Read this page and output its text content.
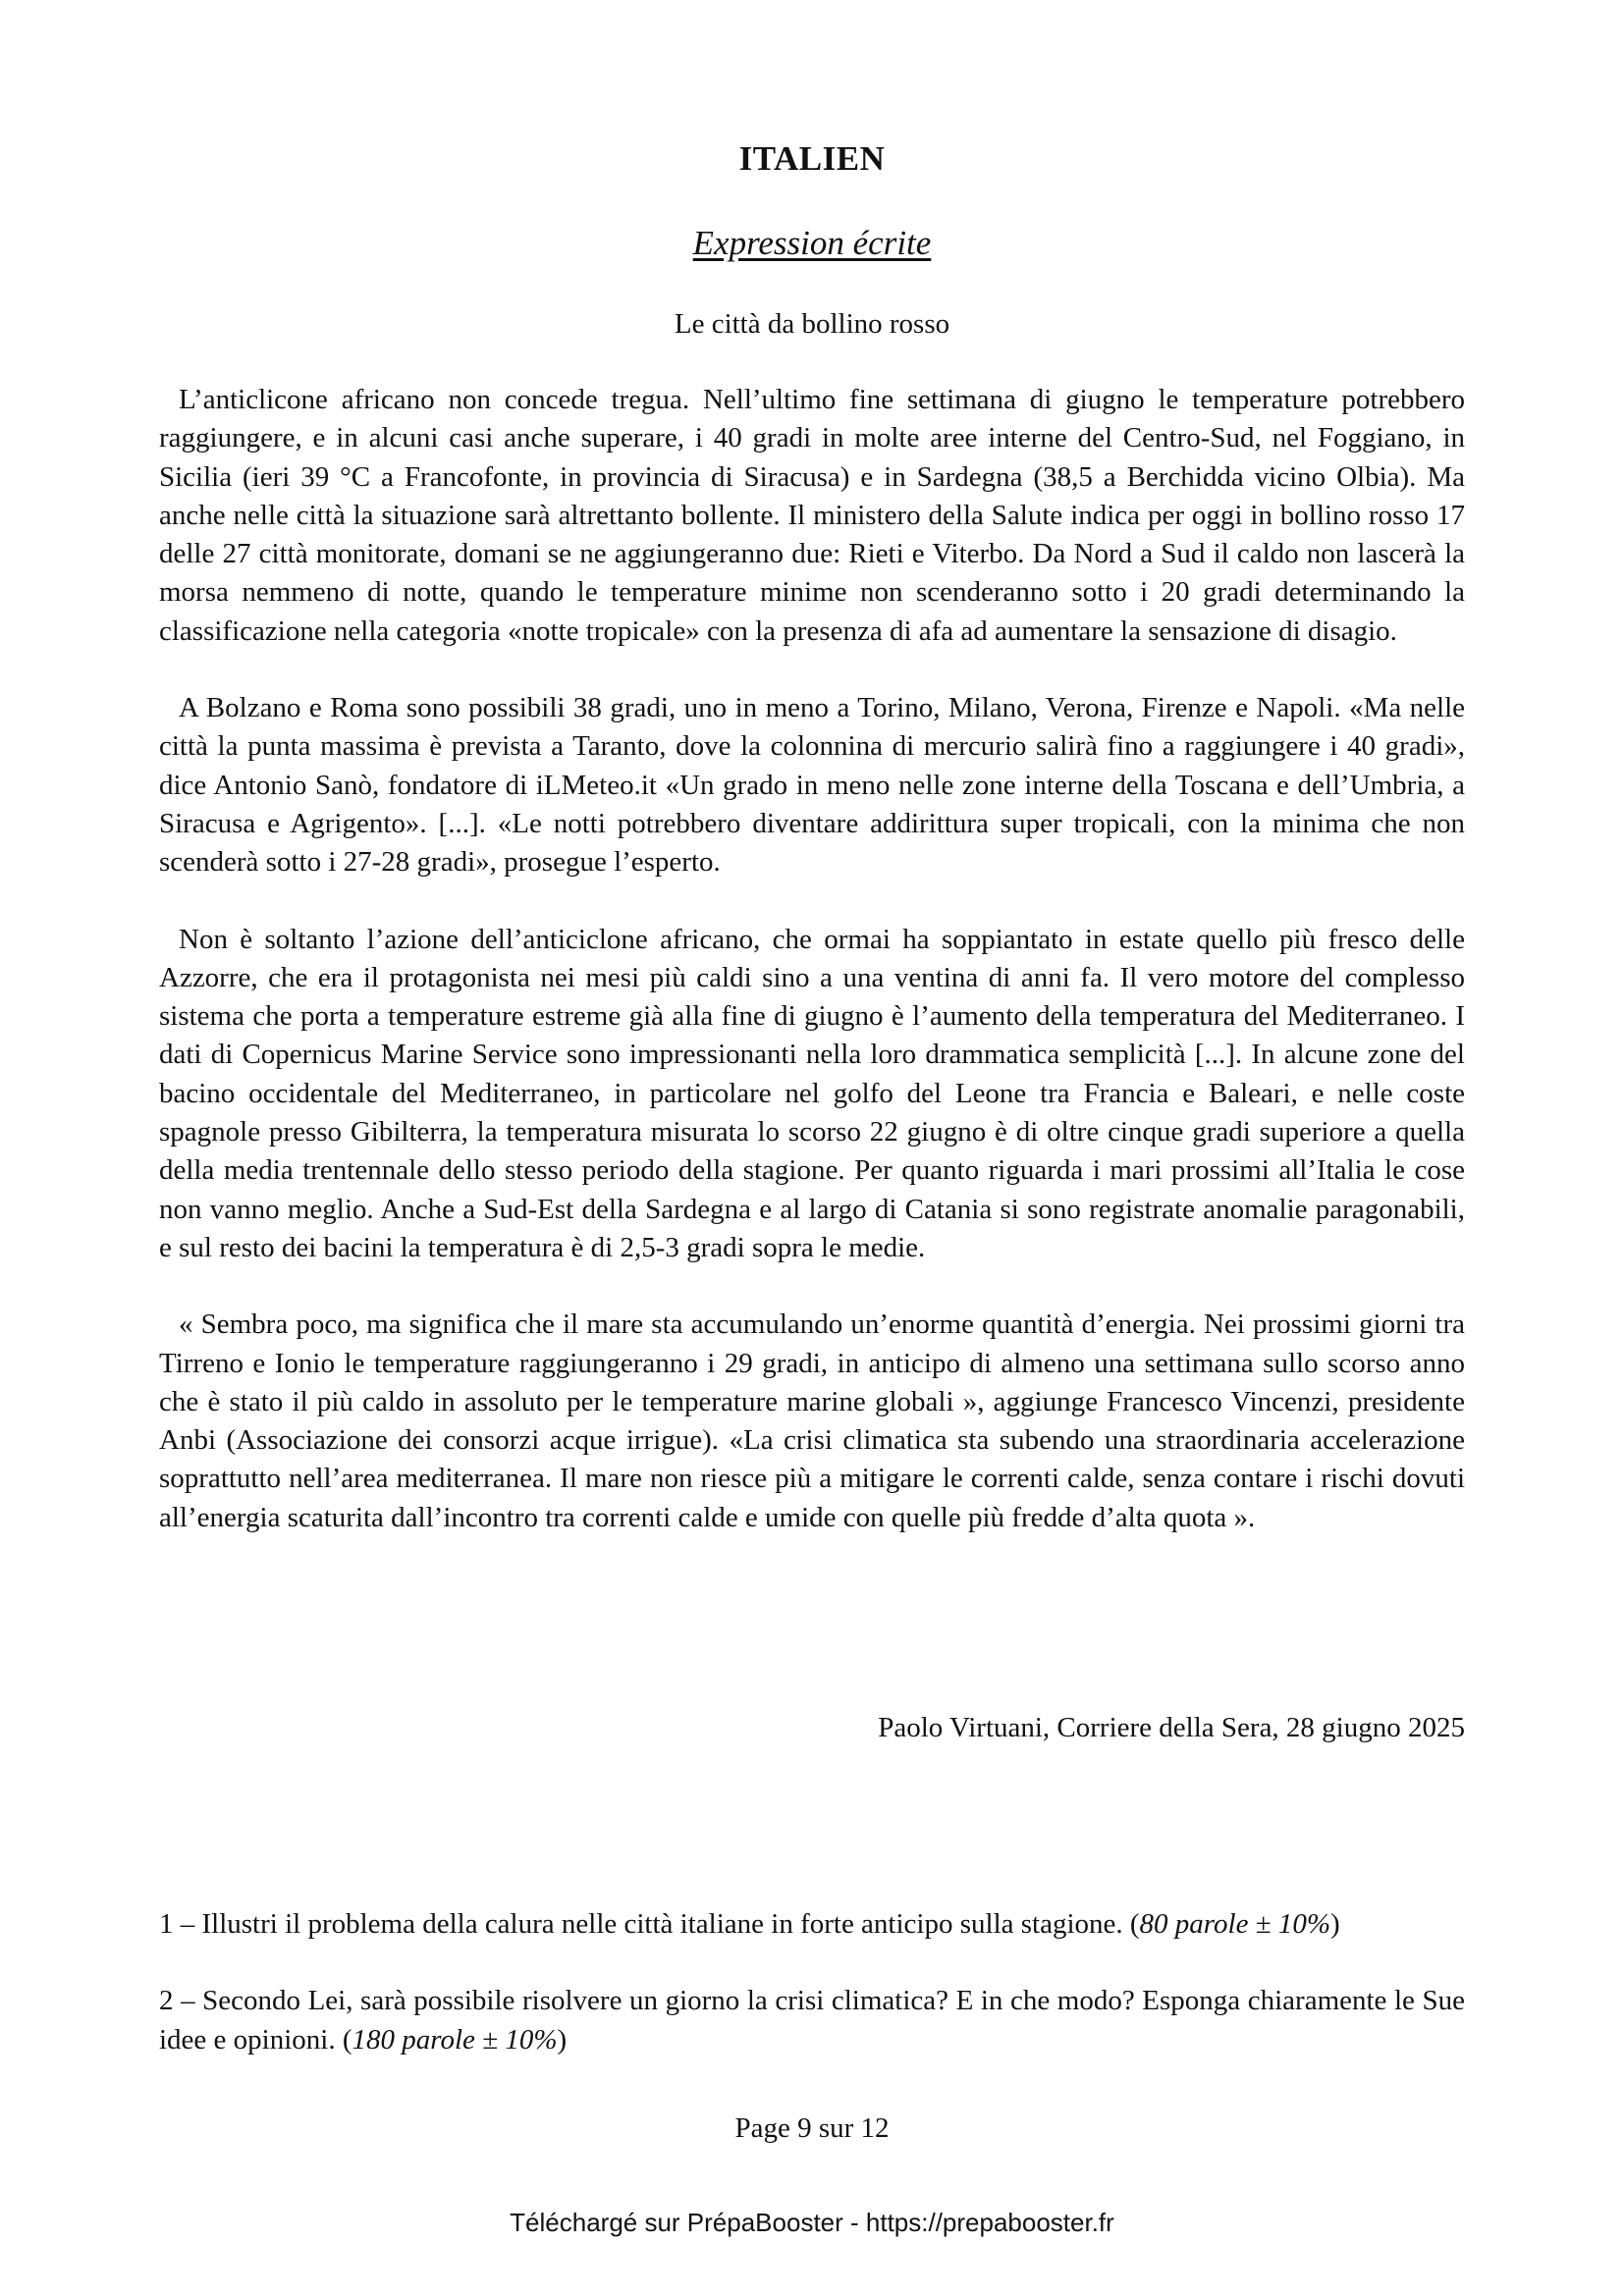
ITALIEN
Expression écrite
Le città da bollino rosso

L’anticlicone africano non concede tregua. Nell’ultimo fine settimana di giugno le temperature potrebbero raggiungere, e in alcuni casi anche superare, i 40 gradi in molte aree interne del Centro-Sud, nel Foggiano, in Sicilia (ieri 39 °C a Francofonte, in provincia di Siracusa) e in Sardegna (38,5 a Berchidda vicino Olbia). Ma anche nelle città la situazione sarà altrettanto bollente. Il ministero della Salute indica per oggi in bollino rosso 17 delle 27 città monitorate, domani se ne aggiungeranno due: Rieti e Viterbo. Da Nord a Sud il caldo non lascerà la morsa nemmeno di notte, quando le temperature minime non scenderanno sotto i 20 gradi determinando la classificazione nella categoria «notte tropicale» con la presenza di afa ad aumentare la sensazione di disagio.

A Bolzano e Roma sono possibili 38 gradi, uno in meno a Torino, Milano, Verona, Firenze e Napoli. «Ma nelle città la punta massima è prevista a Taranto, dove la colonnina di mercurio salirà fino a raggiungere i 40 gradi», dice Antonio Sanò, fondatore di iLMeteo.it «Un grado in meno nelle zone interne della Toscana e dell’Umbria, a Siracusa e Agrigento». [...]. «Le notti potrebbero diventare addirittura super tropicali, con la minima che non scenderà sotto i 27-28 gradi», prosegue l’esperto.

Non è soltanto l’azione dell’anticiclone africano, che ormai ha soppiantato in estate quello più fresco delle Azzorre, che era il protagonista nei mesi più caldi sino a una ventina di anni fa. Il vero motore del complesso sistema che porta a temperature estreme già alla fine di giugno è l’aumento della temperatura del Mediterraneo. I dati di Copernicus Marine Service sono impressionanti nella loro drammatica semplicità [...]. In alcune zone del bacino occidentale del Mediterraneo, in particolare nel golfo del Leone tra Francia e Baleari, e nelle coste spagnole presso Gibilterra, la temperatura misurata lo scorso 22 giugno è di oltre cinque gradi superiore a quella della media trentennale dello stesso periodo della stagione. Per quanto riguarda i mari prossimi all’Italia le cose non vanno meglio. Anche a Sud-Est della Sardegna e al largo di Catania si sono registrate anomalie paragonabili, e sul resto dei bacini la temperatura è di 2,5-3 gradi sopra le medie.

« Sembra poco, ma significa che il mare sta accumulando un’enorme quantità d’energia. Nei prossimi giorni tra Tirreno e Ionio le temperature raggiungeranno i 29 gradi, in anticipo di almeno una settimana sullo scorso anno che è stato il più caldo in assoluto per le temperature marine globali », aggiunge Francesco Vincenzi, presidente Anbi (Associazione dei consorzi acque irrigue). «La crisi climatica sta subendo una straordinaria accelerazione soprattutto nell’area mediterranea. Il mare non riesce più a mitigare le correnti calde, senza contare i rischi dovuti all’energia scaturita dall’incontro tra correnti calde e umide con quelle più fredde d’alta quota ».

Paolo Virtuani, Corriere della Sera, 28 giugno 2025
1 – Illustri il problema della calura nelle città italiane in forte anticipo sulla stagione. (80 parole ± 10%)
2 – Secondo Lei, sarà possibile risolvere un giorno la crisi climatica? E in che modo? Esponga chiaramente le Sue idee e opinioni. (180 parole ± 10%)
Page 9 sur 12
Téléchargé sur PrépaBooster - https://prepabooster.fr
